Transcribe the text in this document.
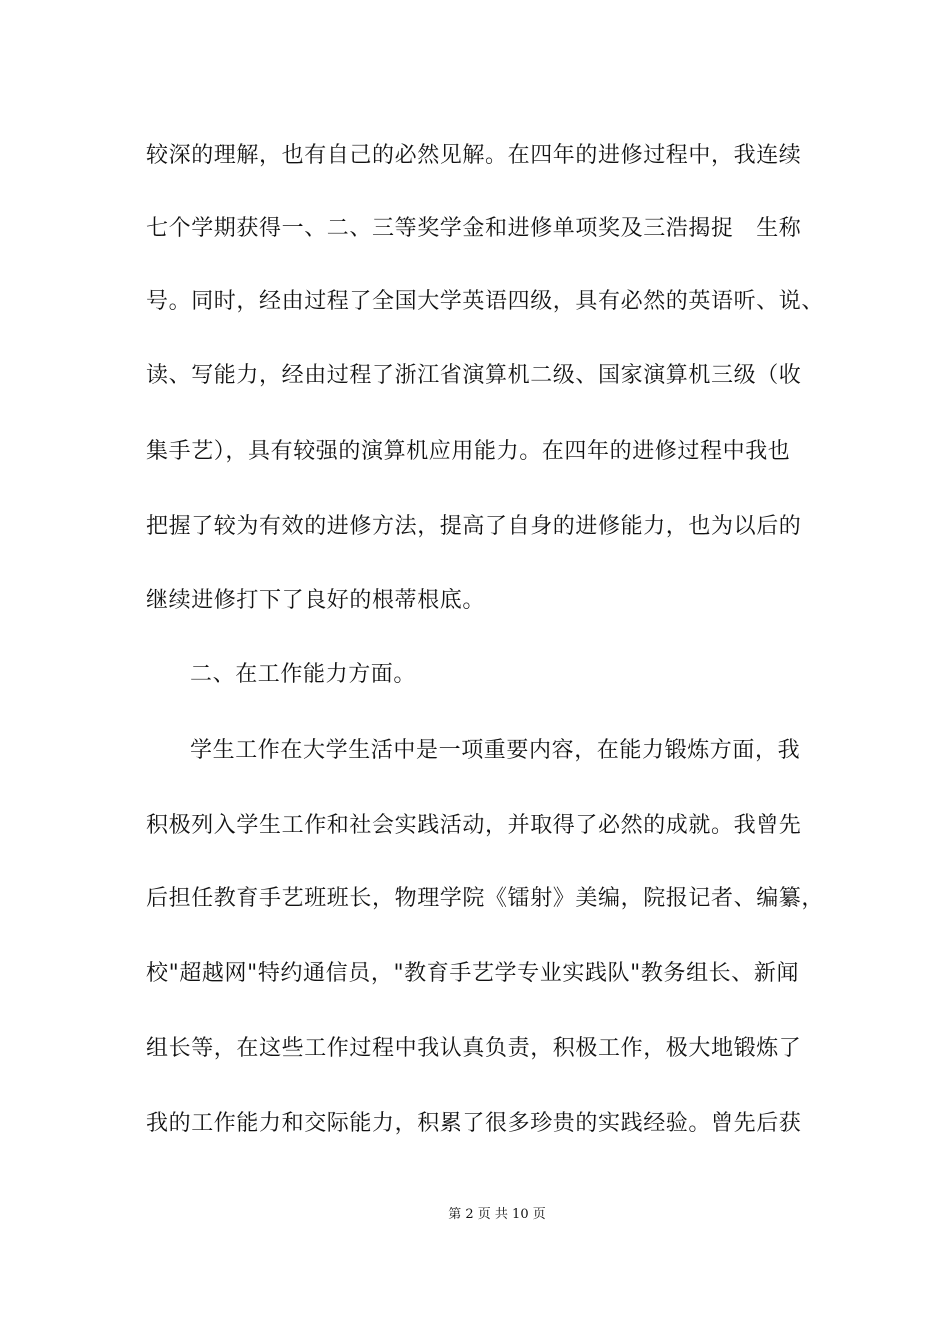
较深的理解，也有自己的必然见解。在四年的进修过程中，我连续
七个学期获得一、二、三等奖学金和进修单项奖及三浩揭捉　生称
号。同时，经由过程了全国大学英语四级，具有必然的英语听、说、
读、写能力，经由过程了浙江省演算机二级、国家演算机三级（收
集手艺），具有较强的演算机应用能力。在四年的进修过程中我也
把握了较为有效的进修方法，提高了自身的进修能力，也为以后的
继续进修打下了良好的根蒂根底。
二、在工作能力方面。
学生工作在大学生活中是一项重要内容，在能力锻炼方面，我
积极列入学生工作和社会实践活动，并取得了必然的成就。我曾先
后担任教育手艺班班长，物理学院《镭射》美编，院报记者、编纂，
校"超越网"特约通信员，"教育手艺学专业实践队"教务组长、新闻
组长等，在这些工作过程中我认真负责，积极工作，极大地锻炼了
我的工作能力和交际能力，积累了很多珍贵的实践经验。曾先后获
第 2 页 共 10 页
